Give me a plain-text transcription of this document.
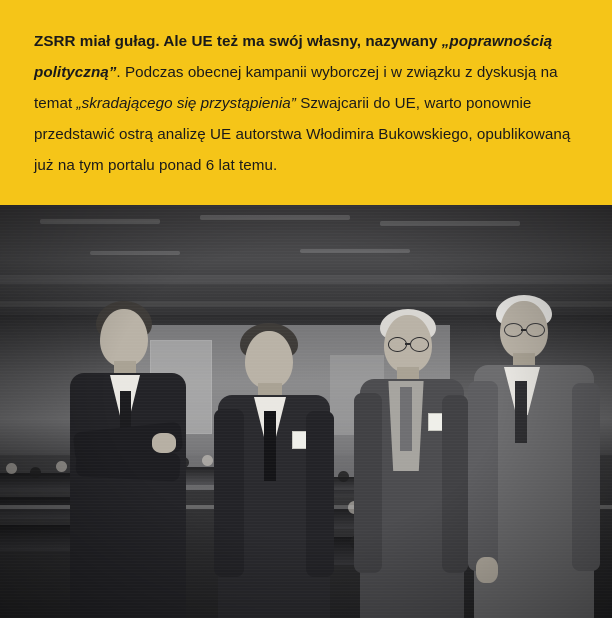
ZSRR miał gułag. Ale UE też ma swój własny, nazywany „poprawnością polityczną”. Podczas obecnej kampanii wyborczej i w związku z dyskusją na temat „skradającego się przystąpienia” Szwajcarii do UE, warto ponownie przedstawić ostrą analizę UE autorstwa Włodimira Bukowskiego, opublikowaną już na tym portalu ponad 6 lat temu.
